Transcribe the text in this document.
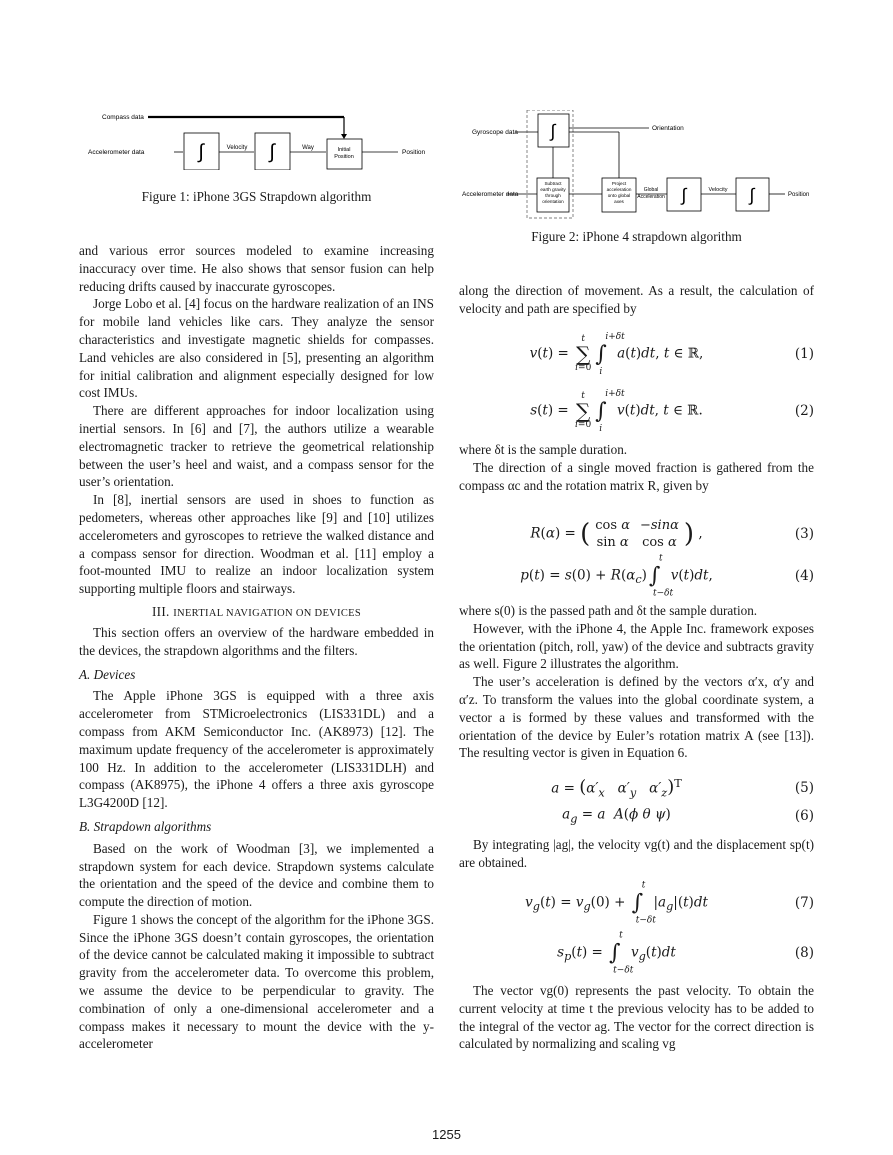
Compass data
Accelerometer data	∫	Velocity ∫	Way	Initial
Position
Position
Figure 1: iPhone 3GS Strapdown algorithm
Gyroscope data
Accelerometer data
∫	Orientation
Subtract
earth gravity
through
orientation
Project
acceleration
onto global
axes
Global
Acceleration ∫	Velocity ∫	Position
Figure 2: iPhone 4 strapdown algorithm

and various error sources modeled to examine increasing inaccuracy over time. He also shows that sensor fusion can help reducing drifts caused by inaccurate gyroscopes.

Jorge Lobo et al. [4] focus on the hardware realization of an INS for mobile land vehicles like cars. They analyze the sensor characteristics and investigate magnetic shields for compasses. Land vehicles are also considered in [5], presenting an algorithm for initial calibration and alignment especially designed for low cost IMUs.

There are different approaches for indoor localization using inertial sensors. In [6] and [7], the authors utilize a wearable electromagnetic tracker to retrieve the geometrical relationship between the user’s heel and waist, and a compass sensor for the user’s orientation.

In [8], inertial sensors are used in shoes to function as pedometers, whereas other approaches like [9] and [10] utilizes accelerometers and gyroscopes to retrieve the walked distance and a compass sensor for direction. Woodman et al. [11] employ a foot-mounted IMU to realize an indoor localization system supporting multiple floors and stairways.

III. INERTIAL NAVIGATION ON DEVICES

This section offers an overview of the hardware embedded in the devices, the strapdown algorithms and the filters.

A. Devices

The Apple iPhone 3GS is equipped with a three axis accelerometer from STMicroelectronics (LIS331DL) and a compass from AKM Semiconductor Inc. (AK8973) [12]. The maximum update frequency of the accelerometer is approximately 100 Hz. In addition to the accelerometer (LIS331DLH) and compass (AK8975), the iPhone 4 offers a three axis gyroscope L3G4200D [12].

B. Strapdown algorithms

Based on the work of Woodman [3], we implemented a strapdown system for each device. Strapdown systems calculate the orientation and the speed of the device and combine them to compute the direction of motion.

Figure 1 shows the concept of the algorithm for the iPhone 3GS. Since the iPhone 3GS doesn’t contain gyroscopes, the orientation of the device cannot be calculated making it impossible to subtract gravity from the accelerometer data. To overcome this problem, we assume the device to be perpendicular to gravity. The combination of only a one-dimensional accelerometer and a compass makes it necessary to mount the device with the y-accelerometer

along the direction of movement. As a result, the calculation of velocity and path are specified by

v(t) =
t
∑
i=0
∫
i+δt
i
a(t)dt, t ∈ ℝ,	(1)
s(t) =
t
∑
i=0
∫
i+δt
i
v(t)dt, t ∈ ℝ.	(2)

where δt is the sample duration.

The direction of a single moved fraction is gathered from the compass αc and the rotation matrix R, given by

R(α) = ( cos α	−sinα
sin α	cos α ) ,	(3)
$p(t) = s(0) + R(\alpha_c)\int$
t
t−δt
v(t)dt,	(4)

where s(0) is the passed path and δt the sample duration.

However, with the iPhone 4, the Apple Inc. framework exposes the orientation (pitch, roll, yaw) of the device and subtracts gravity as well. Figure 2 illustrates the algorithm.

The user’s acceleration is defined by the vectors α′x, α′y and α′z. To transform the values into the global coordinate system, a vector a is formed by these values and transformed with the orientation of the device by Euler’s rotation matrix A (see [13]). The resulting vector is given in Equation 6.

$a = (\alpha'_x$ $\alpha'_y$ $\alpha'_z)^T$	(5)
$a_g = a$ A(ϕ θ ψ)	(6)

By integrating |ag|, the velocity vg(t) and the displacement sp(t) are obtained.

$v_g(t) = v_g(0)$ + ∫
t
t−δt
$|a_g|(t)dt$	(7)
$s_p(t)$ = ∫
t
t−δt
$v_g(t)dt$	(8)

The vector vg(0) represents the past velocity. To obtain the current velocity at time t the previous velocity has to be added to the integral of the vector ag. The vector for the correct direction is calculated by normalizing and scaling vg

1255
